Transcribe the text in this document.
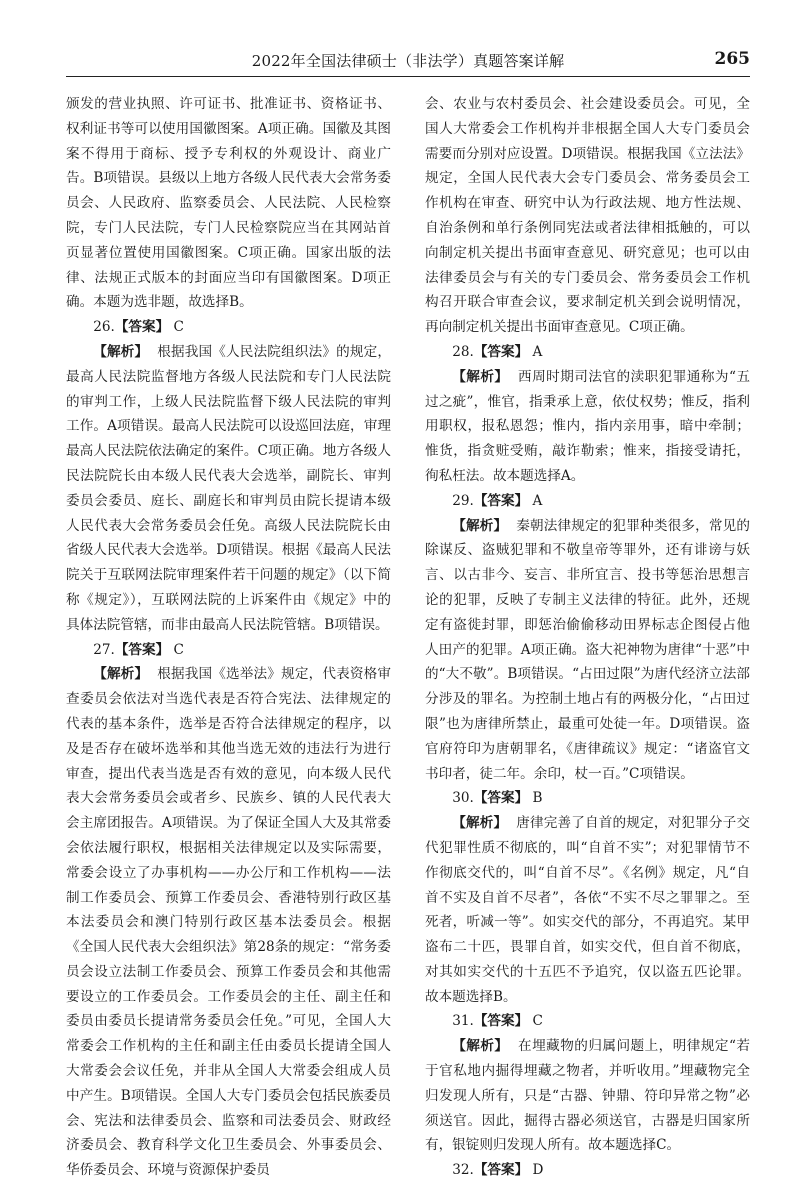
2022年全国法律硕士（非法学）真题答案详解	265

颁发的营业执照、许可证书、批准证书、资格证书、权利证书等可以使用国徽图案。A项正确。国徽及其图案不得用于商标、授予专利权的外观设计、商业广告。B项错误。县级以上地方各级人民代表大会常务委员会、人民政府、监察委员会、人民法院、人民检察院，专门人民法院，专门人民检察院应当在其网站首页显著位置使用国徽图案。C项正确。国家出版的法律、法规正式版本的封面应当印有国徽图案。D项正确。本题为选非题，故选择B。

26.【答案】 C

【解析】 根据我国《人民法院组织法》的规定，最高人民法院监督地方各级人民法院和专门人民法院的审判工作，上级人民法院监督下级人民法院的审判工作。A项错误。最高人民法院可以设巡回法庭，审理最高人民法院依法确定的案件。C项正确。地方各级人民法院院长由本级人民代表大会选举，副院长、审判委员会委员、庭长、副庭长和审判员由院长提请本级人民代表大会常务委员会任免。高级人民法院院长由省级人民代表大会选举。D项错误。根据《最高人民法院关于互联网法院审理案件若干问题的规定》（以下简称《规定》），互联网法院的上诉案件由《规定》中的具体法院管辖，而非由最高人民法院管辖。B项错误。

27.【答案】 C

【解析】 根据我国《选举法》规定，代表资格审查委员会依法对当选代表是否符合宪法、法律规定的代表的基本条件，选举是否符合法律规定的程序，以及是否存在破坏选举和其他当选无效的违法行为进行审查，提出代表当选是否有效的意见，向本级人民代表大会常务委员会或者乡、民族乡、镇的人民代表大会主席团报告。A项错误。为了保证全国人大及其常委会依法履行职权，根据相关法律规定以及实际需要，常委会设立了办事机构——办公厅和工作机构——法制工作委员会、预算工作委员会、香港特别行政区基本法委员会和澳门特别行政区基本法委员会。根据《全国人民代表大会组织法》第28条的规定：“常务委员会设立法制工作委员会、预算工作委员会和其他需要设立的工作委员会。工作委员会的主任、副主任和委员由委员长提请常务委员会任免。”可见，全国人大常委会工作机构的主任和副主任由委员长提请全国人大常委会会议任免，并非从全国人大常委会组成人员中产生。B项错误。全国人大专门委员会包括民族委员会、宪法和法律委员会、监察和司法委员会、财政经济委员会、教育科学文化卫生委员会、外事委员会、华侨委员会、环境与资源保护委员

会、农业与农村委员会、社会建设委员会。可见，全国人大常委会工作机构并非根据全国人大专门委员会需要而分别对应设置。D项错误。根据我国《立法法》规定，全国人民代表大会专门委员会、常务委员会工作机构在审查、研究中认为行政法规、地方性法规、自治条例和单行条例同宪法或者法律相抵触的，可以向制定机关提出书面审查意见、研究意见；也可以由法律委员会与有关的专门委员会、常务委员会工作机构召开联合审查会议，要求制定机关到会说明情况，再向制定机关提出书面审查意见。C项正确。

28.【答案】 A

【解析】 西周时期司法官的渎职犯罪通称为“五过之疵”，惟官，指秉承上意，依仗权势；惟反，指利用职权，报私恩怨；惟内，指内亲用事，暗中牵制；惟货，指贪赃受贿，敲诈勒索；惟来，指接受请托，徇私枉法。故本题选择A。

29.【答案】 A

【解析】 秦朝法律规定的犯罪种类很多，常见的除谋反、盗贼犯罪和不敬皇帝等罪外，还有诽谤与妖言、以古非今、妄言、非所宜言、投书等惩治思想言论的犯罪，反映了专制主义法律的特征。此外，还规定有盗徙封罪，即惩治偷偷移动田界标志企图侵占他人田产的犯罪。A项正确。盗大祀神物为唐律“十恶”中的“大不敬”。B项错误。“占田过限”为唐代经济立法部分涉及的罪名。为控制土地占有的两极分化，“占田过限”也为唐律所禁止，最重可处徒一年。D项错误。盗官府符印为唐朝罪名，《唐律疏议》规定：“诸盗官文书印者，徒二年。余印，杖一百。”C项错误。

30.【答案】 B

【解析】 唐律完善了自首的规定，对犯罪分子交代犯罪性质不彻底的，叫“自首不实”；对犯罪情节不作彻底交代的，叫“自首不尽”。《名例》规定，凡“自首不实及自首不尽者”，各依“不实不尽之罪罪之。至死者，听减一等”。如实交代的部分，不再追究。某甲盗布二十匹，畏罪自首，如实交代，但自首不彻底，对其如实交代的十五匹不予追究，仅以盗五匹论罪。故本题选择B。

31.【答案】 C

【解析】 在埋藏物的归属问题上，明律规定“若于官私地内掘得埋藏之物者，并听收用。”埋藏物完全归发现人所有，只是“古器、钟鼎、符印异常之物”必须送官。因此，掘得古器必须送官，古器是归国家所有，银锭则归发现人所有。故本题选择C。

32.【答案】 D
